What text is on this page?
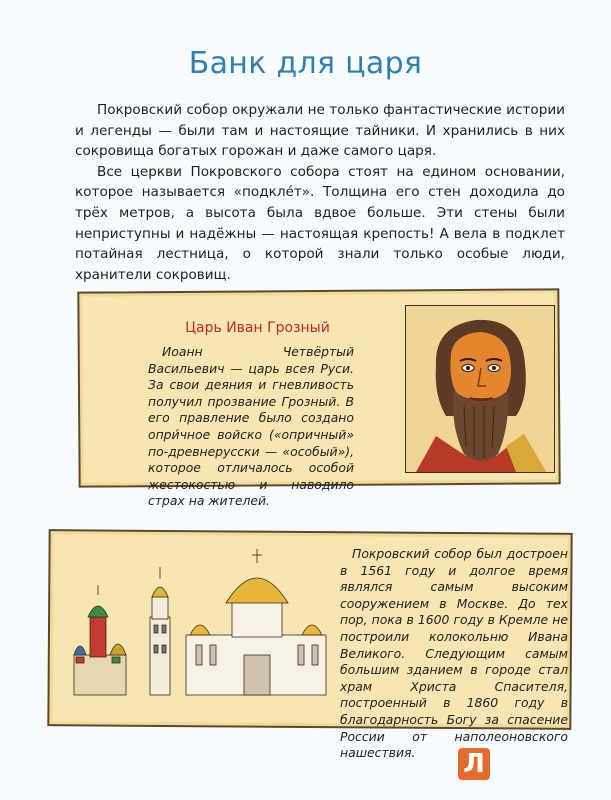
Банк для царя

Покровский собор окружали не только фантастические истории и легенды — были там и настоящие тайники. И хранились в них сокровища богатых горожан и даже самого царя.

Все церкви Покровского собора стоят на едином основании, которое называется «подкле́т». Толщина его стен доходила до трёх метров, а высота была вдвое больше. Эти стены были неприступны и надёжны — настоящая крепость! А вела в подклет потайная лестница, о которой знали только особые люди, хранители сокровищ.

Царь Иван Грозный
Иоанн Четвёртый Васильевич — царь всея Руси. За свои деяния и гневливость получил прозвание Грозный. В его правление было создано опри́чное войско («опричный» по-древнерусски — «особый»), которое отличалось особой жестокостью и наводило страх на жителей.
Покровский собор был достроен в 1561 году и долгое время являлся самым высоким сооружением в Москве. До тех пор, пока в 1600 году в Кремле не построили колокольню Ивана Великого. Следующим самым большим зданием в городе стал храм Христа Спасителя, построенный в 1860 году в благодарность Богу за спасение России от наполеоновского нашествия.	Л
